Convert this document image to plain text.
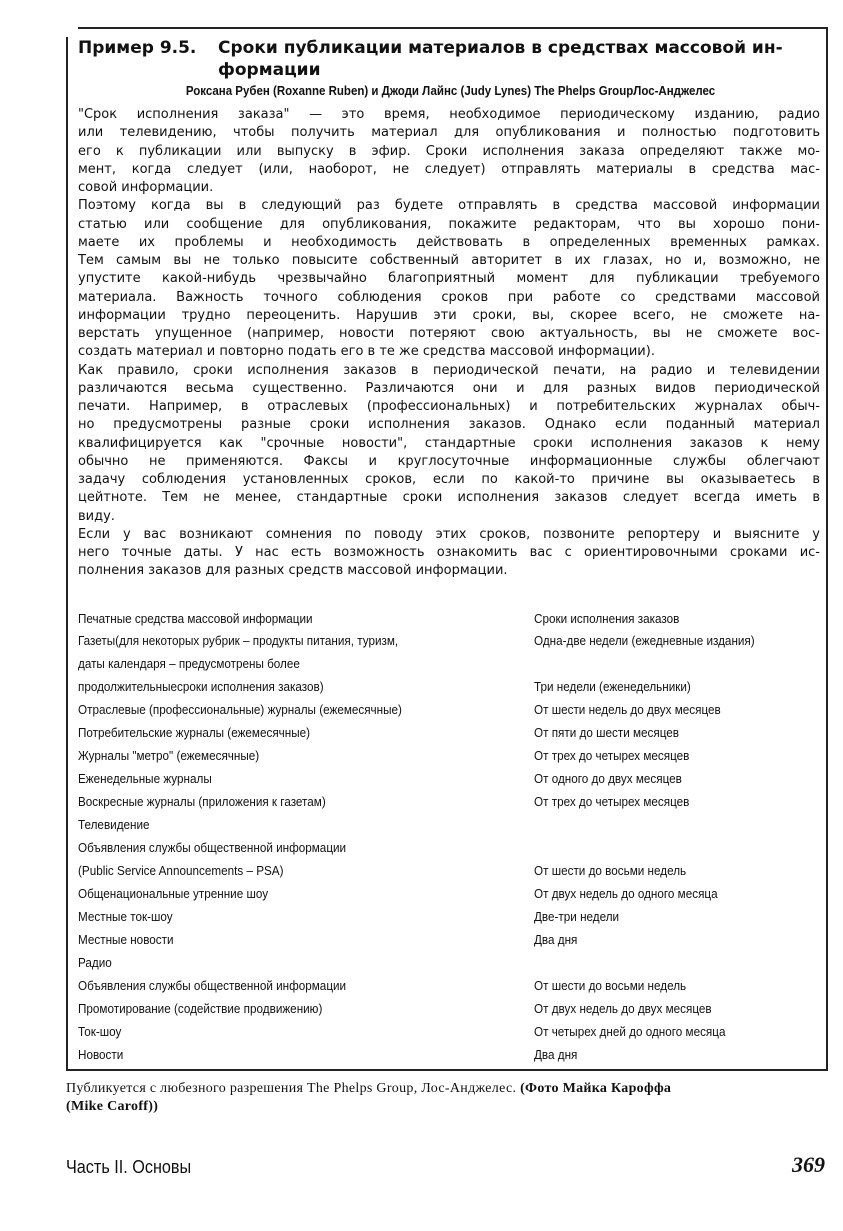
Пример 9.5. Сроки публикации материалов в средствах массовой ин-
формации
Роксана Рубен (Roxanne Ruben) и Джоди Лайнс (Judy Lynes) The Phelps GroupЛос-Анджелес

"Срок исполнения заказа" — это время, необходимое периодическому изданию, радио
или телевидению, чтобы получить материал для опубликования и полностью подготовить
его к публикации или выпуску в эфир. Сроки исполнения заказа определяют также мо-
мент, когда следует (или, наоборот, не следует) отправлять материалы в средства мас-
совой информации.

Поэтому когда вы в следующий раз будете отправлять в средства массовой информации
статью или сообщение для опубликования, покажите редакторам, что вы хорошо пони-
маете их проблемы и необходимость действовать в определенных временных рамках.
Тем самым вы не только повысите собственный авторитет в их глазах, но и, возможно, не
упустите какой-нибудь чрезвычайно благоприятный момент для публикации требуемого
материала. Важность точного соблюдения сроков при работе со средствами массовой
информации трудно переоценить. Нарушив эти сроки, вы, скорее всего, не сможете на-
верстать упущенное (например, новости потеряют свою актуальность, вы не сможете вос-
создать материал и повторно подать его в те же средства массовой информации).

Как правило, сроки исполнения заказов в периодической печати, на радио и телевидении
различаются весьма существенно. Различаются они и для разных видов периодической
печати. Например, в отраслевых (профессиональных) и потребительских журналах обыч-
но предусмотрены разные сроки исполнения заказов. Однако если поданный материал
квалифицируется как "срочные новости", стандартные сроки исполнения заказов к нему
обычно не применяются. Факсы и круглосуточные информационные службы облегчают
задачу соблюдения установленных сроков, если по какой-то причине вы оказываетесь в
цейтноте. Тем не менее, стандартные сроки исполнения заказов следует всегда иметь в
виду.

Если у вас возникают сомнения по поводу этих сроков, позвоните репортеру и выясните у
него точные даты. У нас есть возможность ознакомить вас с ориентировочными сроками ис-
полнения заказов для разных средств массовой информации.

Печатные средства массовой информации	Сроки исполнения заказов
Газеты(для некоторых рубрик – продукты питания, туризм,	Одна-две недели (ежедневные издания)
даты календаря – предусмотрены более
продолжительныесроки исполнения заказов)	Три недели (еженедельники)
Отраслевые (профессиональные) журналы (ежемесячные)	От шести недель до двух месяцев
Потребительские журналы (ежемесячные)	От пяти до шести месяцев
Журналы "метро" (ежемесячные)	От трех до четырех месяцев
Еженедельные журналы	От одного до двух месяцев
Воскресные журналы (приложения к газетам)	От трех до четырех месяцев
Телевидение
Объявления службы общественной информации
(Public Service Announcements – PSA)	От шести до восьми недель
Общенациональные утренние шоу	От двух недель до одного месяца
Местные ток-шоу	Две-три недели
Местные новости	Два дня
Радио
Объявления службы общественной информации	От шести до восьми недель
Промотирование (содействие продвижению)	От двух недель до двух месяцев
Ток-шоу	От четырех дней до одного месяца
Новости	Два дня
Публикуется с любезного разрешения The Phelps Group, Лос-Анджелес. (Фото Майка Кароффа
(Mike Caroff))
Часть II. Основы	369
